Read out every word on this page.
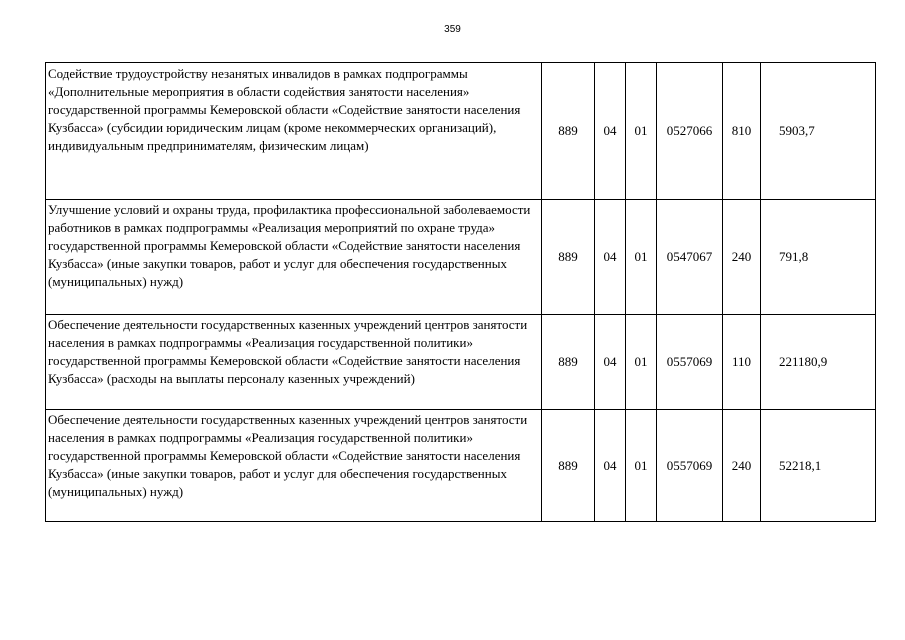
359
Содействие трудоустройству незанятых инвалидов в рамках подпрограммы «Дополнительные мероприятия в области содействия занятости населения» государственной программы Кемеровской области «Содействие занятости населения Кузбасса» (субсидии юридическим лицам (кроме некоммерческих организаций), индивидуальным предпринимателям, физическим лицам)	889	04	01	0527066	810	5903,7

Улучшение условий и охраны труда, профилактика профессиональной заболеваемости работников в рамках подпрограммы «Реализация мероприятий по охране труда» государственной программы Кемеровской области «Содействие занятости населения Кузбасса» (иные закупки товаров, работ и услуг для обеспечения государственных (муниципальных) нужд)	889	04	01	0547067	240	791,8

Обеспечение деятельности государственных казенных учреждений центров занятости населения в рамках подпрограммы «Реализация государственной политики» государственной программы Кемеровской области «Содействие занятости населения Кузбасса» (расходы на выплаты персоналу казенных учреждений)	889	04	01	0557069	110	221180,9

Обеспечение деятельности государственных казенных учреждений центров занятости населения в рамках подпрограммы «Реализация государственной политики» государственной программы Кемеровской области «Содействие занятости населения Кузбасса» (иные закупки товаров, работ и услуг для обеспечения государственных (муниципальных) нужд)	889	04	01	0557069	240	52218,1
